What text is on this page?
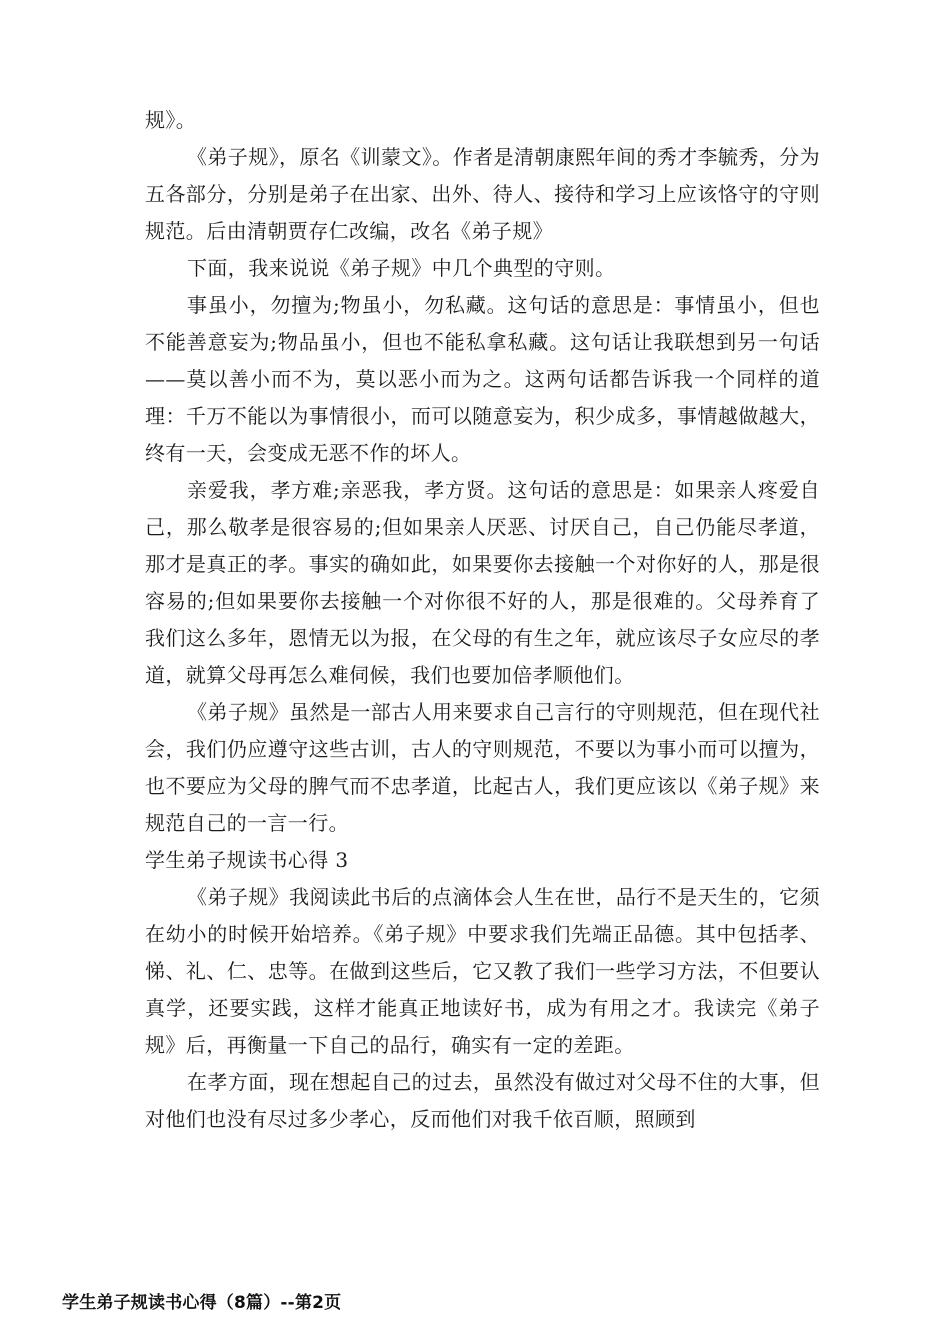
规》。

《弟子规》，原名《训蒙文》。作者是清朝康熙年间的秀才李毓秀，分为五各部分，分别是弟子在出家、出外、待人、接待和学习上应该恪守的守则规范。后由清朝贾存仁改编，改名《弟子规》

下面，我来说说《弟子规》中几个典型的守则。

事虽小，勿擅为;物虽小，勿私藏。这句话的意思是：事情虽小，但也不能善意妄为;物品虽小，但也不能私拿私藏。这句话让我联想到另一句话——莫以善小而不为，莫以恶小而为之。这两句话都告诉我一个同样的道理：千万不能以为事情很小，而可以随意妄为，积少成多，事情越做越大，终有一天，会变成无恶不作的坏人。

亲爱我，孝方难;亲恶我，孝方贤。这句话的意思是：如果亲人疼爱自己，那么敬孝是很容易的;但如果亲人厌恶、讨厌自己，自己仍能尽孝道，那才是真正的孝。事实的确如此，如果要你去接触一个对你好的人，那是很容易的;但如果要你去接触一个对你很不好的人，那是很难的。父母养育了我们这么多年，恩情无以为报，在父母的有生之年，就应该尽子女应尽的孝道，就算父母再怎么难伺候，我们也要加倍孝顺他们。

《弟子规》虽然是一部古人用来要求自己言行的守则规范，但在现代社会，我们仍应遵守这些古训，古人的守则规范，不要以为事小而可以擅为，也不要应为父母的脾气而不忠孝道，比起古人，我们更应该以《弟子规》来规范自己的一言一行。

学生弟子规读书心得 3

《弟子规》我阅读此书后的点滴体会人生在世，品行不是天生的，它须在幼小的时候开始培养。《弟子规》中要求我们先端正品德。其中包括孝、悌、礼、仁、忠等。在做到这些后，它又教了我们一些学习方法，不但要认真学，还要实践，这样才能真正地读好书，成为有用之才。我读完《弟子规》后，再衡量一下自己的品行，确实有一定的差距。

在孝方面，现在想起自己的过去，虽然没有做过对父母不住的大事，但对他们也没有尽过多少孝心，反而他们对我千依百顺，照顾到

学生弟子规读书心得（8篇）--第2页
